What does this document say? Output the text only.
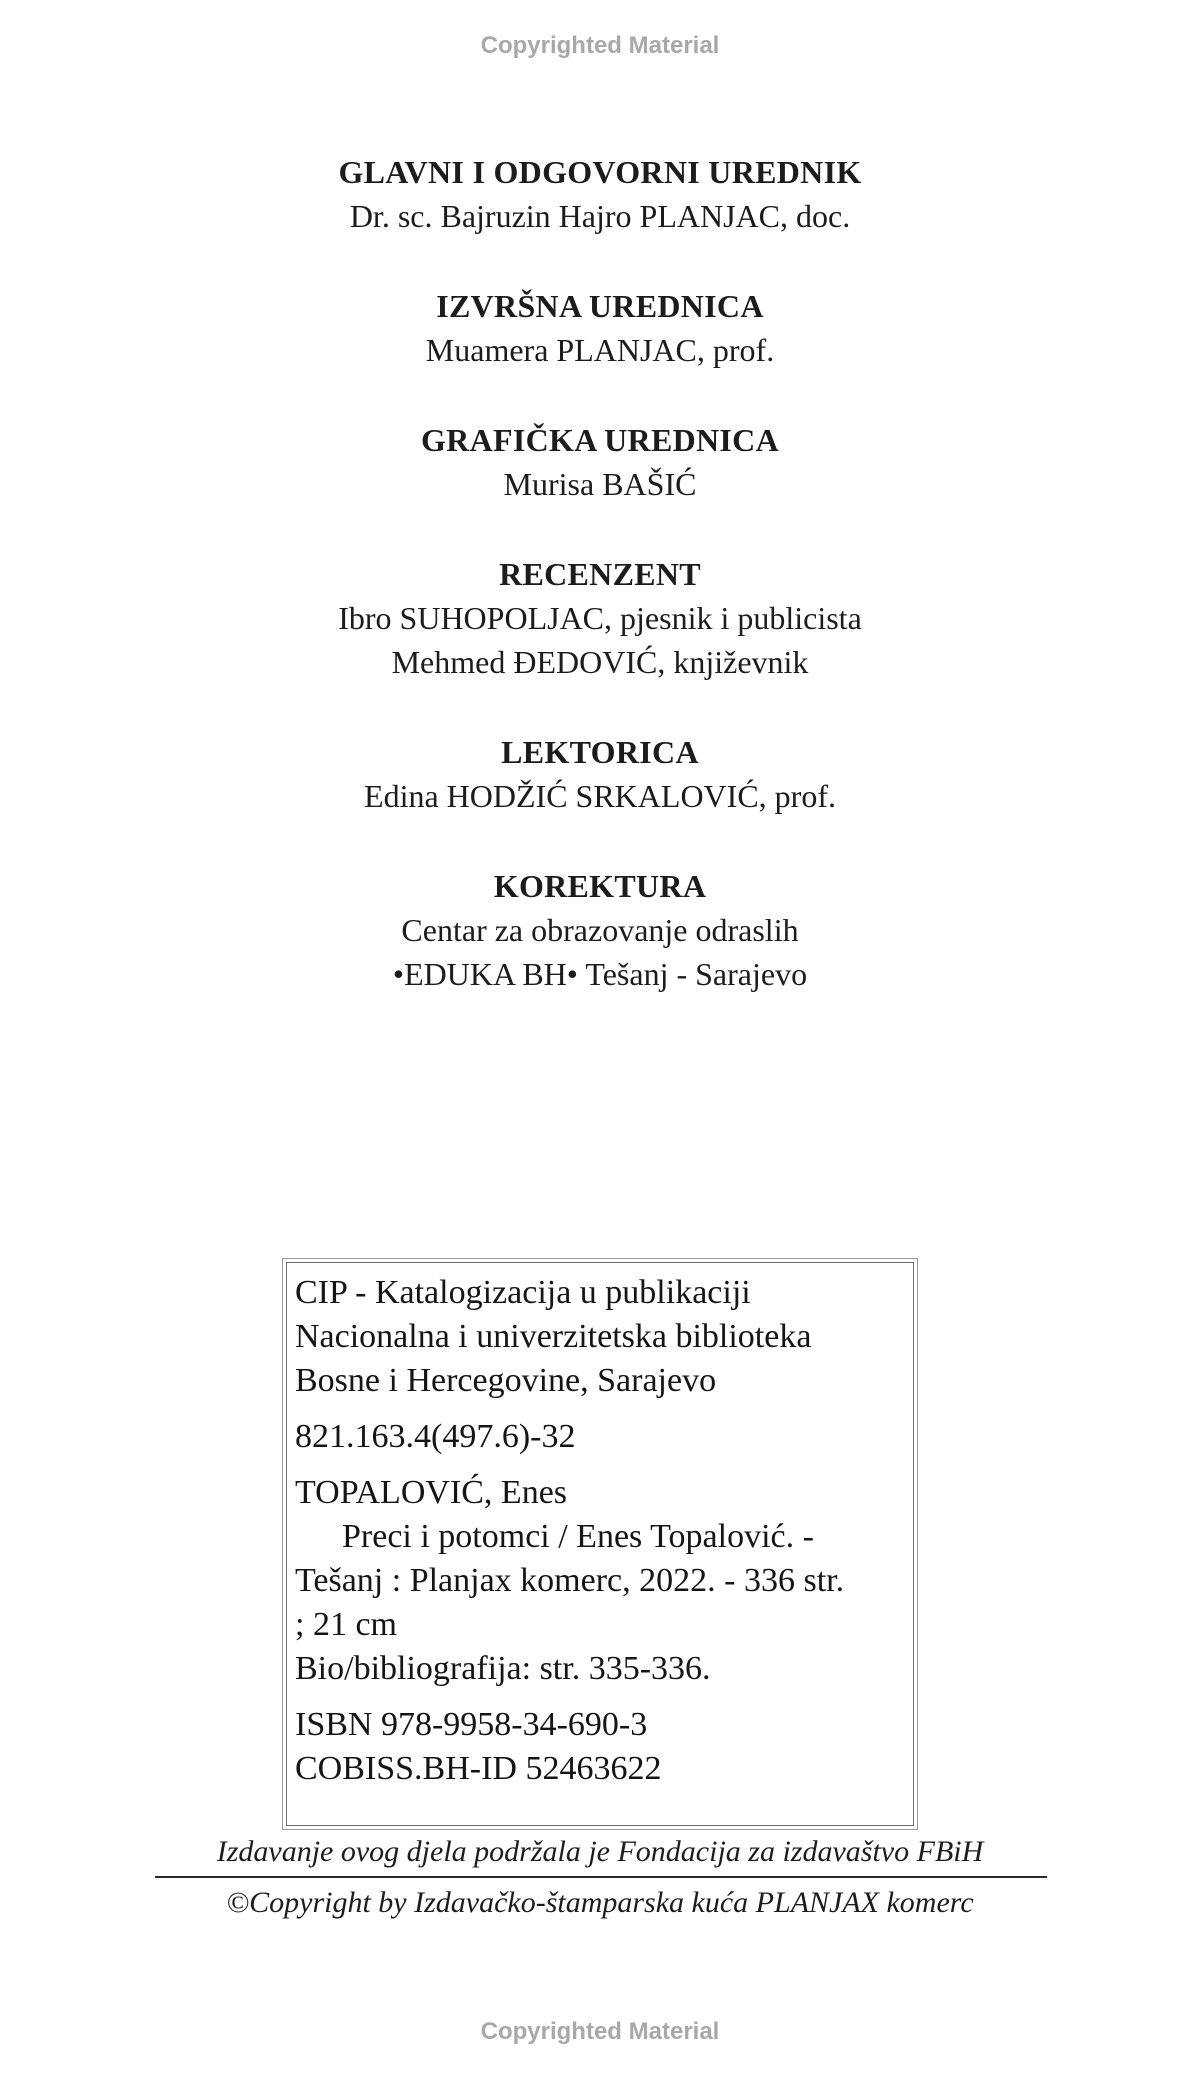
Copyrighted Material
GLAVNI I ODGOVORNI UREDNIK
Dr. sc. Bajruzin Hajro PLANJAC, doc.
IZVRŠNA UREDNICA
Muamera PLANJAC, prof.
GRAFIČKA UREDNICA
Murisa BAŠIĆ
RECENZENT
Ibro SUHOPOLJAC, pjesnik i publicista
Mehmed ĐEDOVIĆ, književnik
LEKTORICA
Edina HODŽIĆ SRKALOVIĆ, prof.
KOREKTURA
Centar za obrazovanje odraslih
•EDUKA BH• Tešanj - Sarajevo
CIP - Katalogizacija u publikaciji
Nacionalna i univerzitetska biblioteka
Bosne i Hercegovine, Sarajevo
821.163.4(497.6)-32
TOPALOVIĆ, Enes
Preci i potomci / Enes Topalović. -
Tešanj : Planjax komerc, 2022. - 336 str.
; 21 cm
Bio/bibliografija: str. 335-336.
ISBN 978-9958-34-690-3
COBISS.BH-ID 52463622
Izdavanje ovog djela podržala je Fondacija za izdavaštvo FBiH
©Copyright by Izdavačko-štamparska kuća PLANJAX komerc
Copyrighted Material
